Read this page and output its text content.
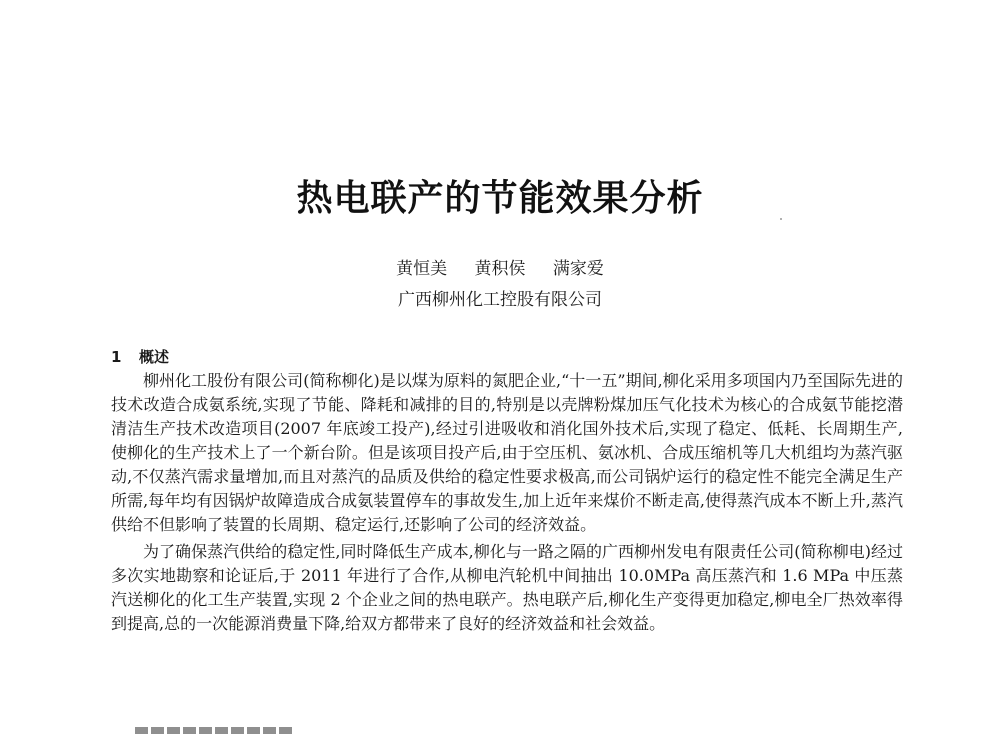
热电联产的节能效果分析

黄恒美 黄积侯 满家爱

广西柳州化工控股有限公司

1 概述

柳州化工股份有限公司(简称柳化)是以煤为原料的氮肥企业,“十一五”期间,柳化采用多项国内乃至国际先进的技术改造合成氨系统,实现了节能、降耗和减排的目的,特别是以壳牌粉煤加压气化技术为核心的合成氨节能挖潜清洁生产技术改造项目(2007 年底竣工投产),经过引进吸收和消化国外技术后,实现了稳定、低耗、长周期生产,使柳化的生产技术上了一个新台阶。但是该项目投产后,由于空压机、氨冰机、合成压缩机等几大机组均为蒸汽驱动,不仅蒸汽需求量增加,而且对蒸汽的品质及供给的稳定性要求极高,而公司锅炉运行的稳定性不能完全满足生产所需,每年均有因锅炉故障造成合成氨装置停车的事故发生,加上近年来煤价不断走高,使得蒸汽成本不断上升,蒸汽供给不但影响了装置的长周期、稳定运行,还影响了公司的经济效益。

为了确保蒸汽供给的稳定性,同时降低生产成本,柳化与一路之隔的广西柳州发电有限责任公司(简称柳电)经过多次实地勘察和论证后,于 2011 年进行了合作,从柳电汽轮机中间抽出 10.0MPa 高压蒸汽和 1.6 MPa 中压蒸汽送柳化的化工生产装置,实现 2 个企业之间的热电联产。热电联产后,柳化生产变得更加稳定,柳电全厂热效率得到提高,总的一次能源消费量下降,给双方都带来了良好的经济效益和社会效益。
